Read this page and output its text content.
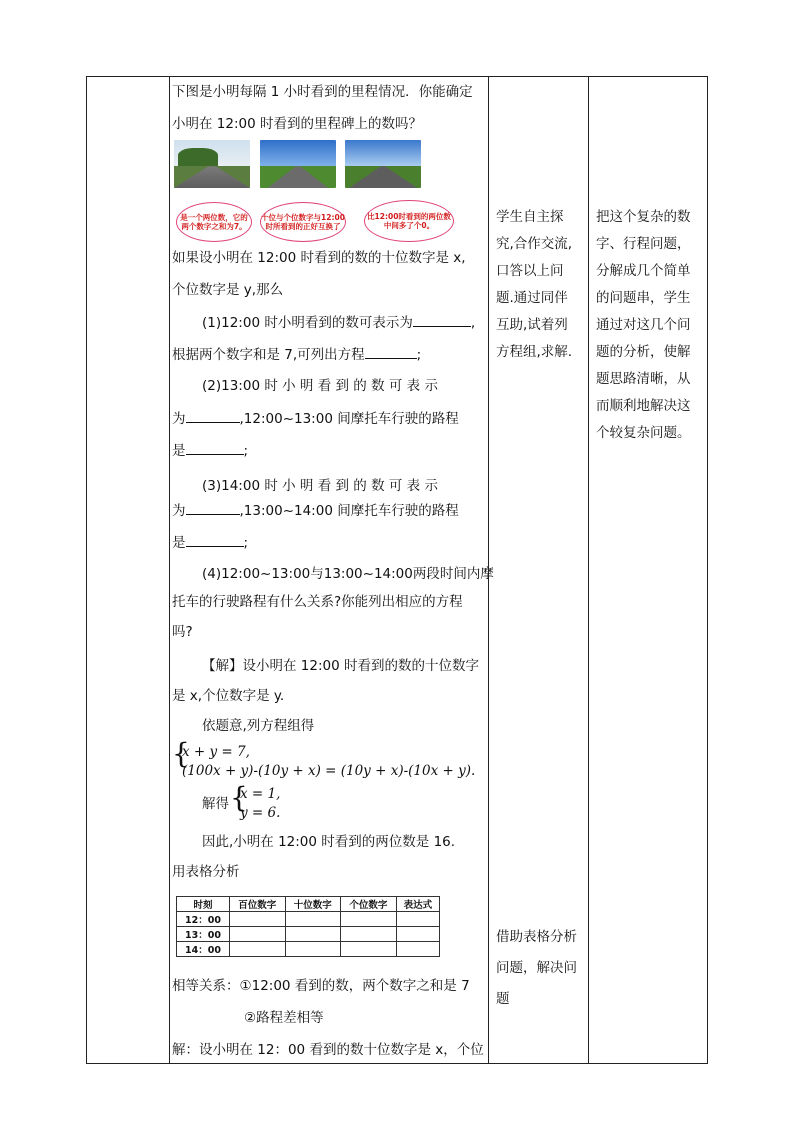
下图是小明每隔 1 小时看到的里程情况．你能确定

小明在 12:00 时看到的里程碑上的数吗？

是一个两位数，它的两个数字之和为7。
十位与个位数字与12:00时所看到的正好互换了
比12:00时看到的两位数中间多了个0。

如果设小明在 12:00 时看到的数的十位数字是 x,

个位数字是 y,那么

(1)12:00 时小明看到的数可表示为	,

根据两个数字和是 7,可列出方程	;

(2)13:00 时 小 明 看 到 的 数 可 表 示

为	,12:00~13:00 间摩托车行驶的路程

是	;

(3)14:00 时 小 明 看 到 的 数 可 表 示

为	,13:00~14:00 间摩托车行驶的路程

是	;

(4)12:00~13:00与13:00~14:00两段时间内摩

托车的行驶路程有什么关系?你能列出相应的方程

吗?

【解】设小明在 12:00 时看到的数的十位数字

是 x,个位数字是 y.

依题意,列方程组得

{

x + y = 7,

(100x + y)-(10y + x) = (10y + x)-(10x + y).

解得 {

x = 1,

y = 6.

因此,小明在 12:00 时看到的两位数是 16.

用表格分析

时刻	百位数字	十位数字	个位数字	表达式
12：00				
13：00				
14：00				

相等关系：①12:00 看到的数，两个数字之和是 7

②路程差相等

解：设小明在 12：00 看到的数十位数字是 x，个位

学生自主探
究,合作交流,
口答以上问
题.通过同伴
互助,试着列
方程组,求解.
借助表格分析
问题，解决问
题
把这个复杂的数
字、行程问题，
分解成几个简单
的问题串，学生
通过对这几个问
题的分析，使解
题思路清晰，从
而顺利地解决这
个较复杂问题。
